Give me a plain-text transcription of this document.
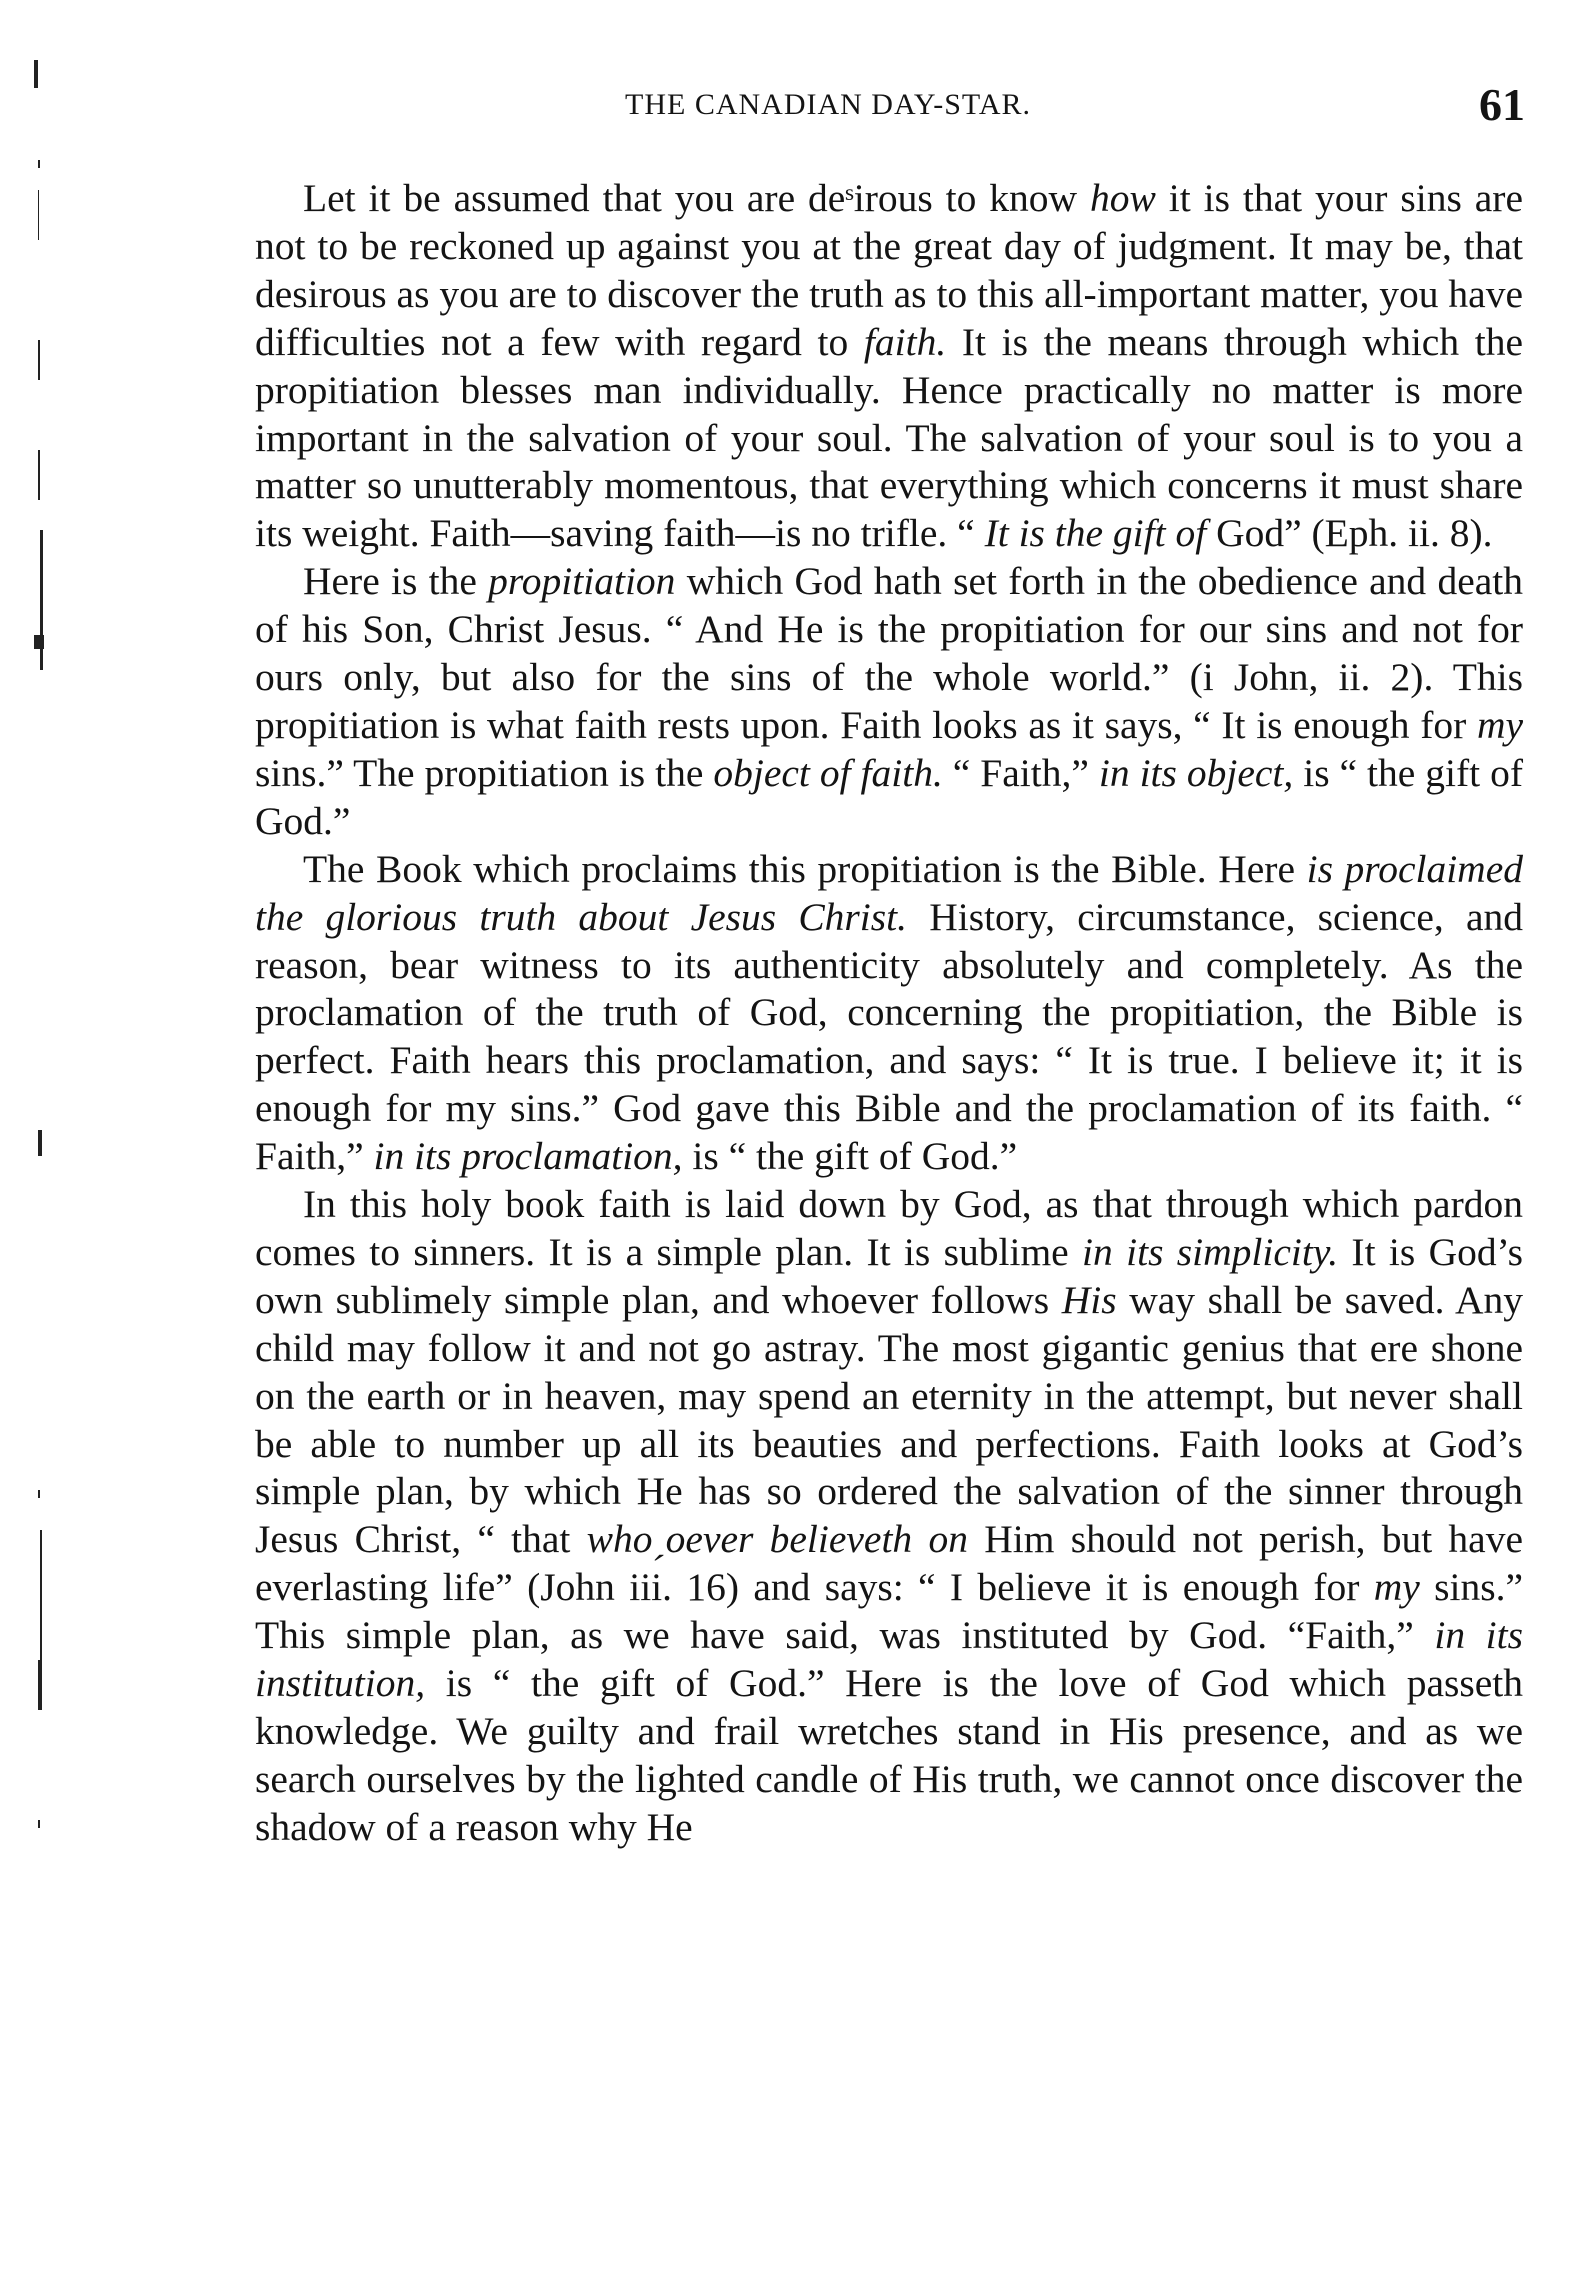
THE CANADIAN DAY-STAR.	61

Let it be assumed that you are deˢirous to know how it is that your sins are not to be reckoned up against you at the great day of judgment. It may be, that desirous as you are to discover the truth as to this all-important matter, you have difficulties not a few with regard to faith. It is the means through which the propitiation blesses man individually. Hence practically no matter is more important in the salvation of your soul. The salvation of your soul is to you a matter so unutterably momentous, that everything which concerns it must share its weight. Faith—saving faith—is no trifle. “ It is the gift of God” (Eph. ii. 8).

Here is the propitiation which God hath set forth in the obedience and death of his Son, Christ Jesus. “ And He is the propitiation for our sins and not for ours only, but also for the sins of the whole world.” (i John, ii. 2). This propitiation is what faith rests upon. Faith looks as it says, “ It is enough for my sins.” The propitiation is the object of faith. “ Faith,” in its object, is “ the gift of God.”

The Book which proclaims this propitiation is the Bible. Here is proclaimed the glorious truth about Jesus Christ. History, circumstance, science, and reason, bear witness to its authenticity absolutely and completely. As the proclamation of the truth of God, concerning the propitiation, the Bible is perfect. Faith hears this proclamation, and says: “ It is true. I believe it; it is enough for my sins.” God gave this Bible and the proclamation of its faith. “ Faith,” in its proclamation, is “ the gift of God.”

In this holy book faith is laid down by God, as that through which pardon comes to sinners. It is a simple plan. It is sublime in its simplicity. It is God’s own sublimely simple plan, and whoever follows His way shall be saved. Any child may follow it and not go astray. The most gigantic genius that ere shone on the earth or in heaven, may spend an eternity in the attempt, but never shall be able to number up all its beauties and perfections. Faith looks at God’s simple plan, by which He has so ordered the salvation of the sinner through Jesus Christ, “ that whoˏoever believeth on Him should not perish, but have everlasting life” (John iii. 16) and says: “ I believe it is enough for my sins.” This simple plan, as we have said, was instituted by God. “Faith,” in its institution, is “ the gift of God.” Here is the love of God which passeth knowledge. We guilty and frail wretches stand in His presence, and as we search ourselves by the lighted candle of His truth, we cannot once discover the shadow of a reason why He
